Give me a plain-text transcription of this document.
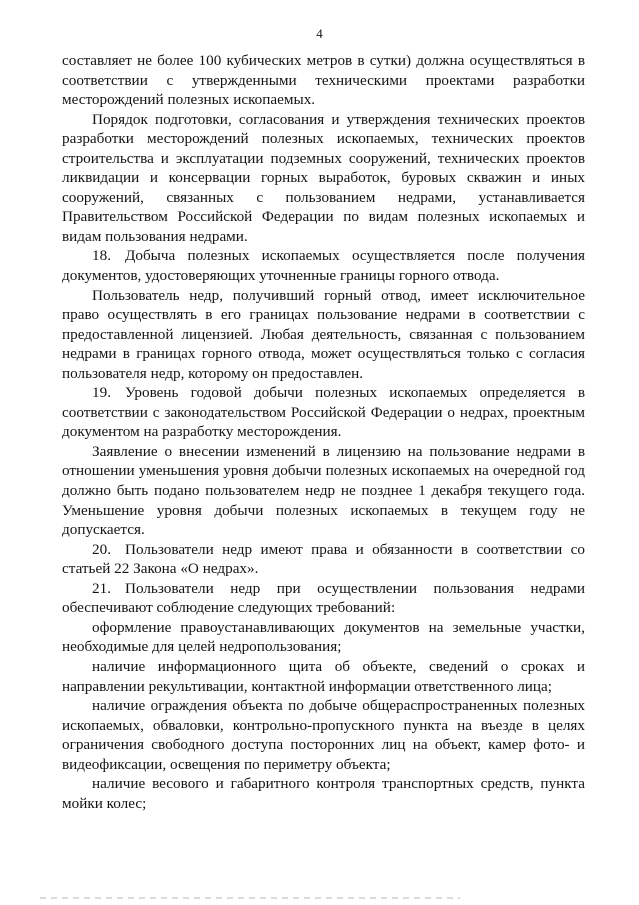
4

составляет не более 100 кубических метров в сутки) должна осуществляться в соответствии с утвержденными техническими проектами разработки месторождений полезных ископаемых.

Порядок подготовки, согласования и утверждения технических проектов разработки месторождений полезных ископаемых, технических проектов строительства и эксплуатации подземных сооружений, технических проектов ликвидации и консервации горных выработок, буровых скважин и иных сооружений, связанных с пользованием недрами, устанавливается Правительством Российской Федерации по видам полезных ископаемых и видам пользования недрами.

18. Добыча полезных ископаемых осуществляется после получения документов, удостоверяющих уточненные границы горного отвода.

Пользователь недр, получивший горный отвод, имеет исключительное право осуществлять в его границах пользование недрами в соответствии с предоставленной лицензией. Любая деятельность, связанная с пользованием недрами в границах горного отвода, может осуществляться только с согласия пользователя недр, которому он предоставлен.

19. Уровень годовой добычи полезных ископаемых определяется в соответствии с законодательством Российской Федерации о недрах, проектным документом на разработку месторождения.

Заявление о внесении изменений в лицензию на пользование недрами в отношении уменьшения уровня добычи полезных ископаемых на очередной год должно быть подано пользователем недр не позднее 1 декабря текущего года. Уменьшение уровня добычи полезных ископаемых в текущем году не допускается.

20. Пользователи недр имеют права и обязанности в соответствии со статьей 22 Закона «О недрах».

21. Пользователи недр при осуществлении пользования недрами обеспечивают соблюдение следующих требований:

оформление правоустанавливающих документов на земельные участки, необходимые для целей недропользования;

наличие информационного щита об объекте, сведений о сроках и направлении рекультивации, контактной информации ответственного лица;

наличие ограждения объекта по добыче общераспространенных полезных ископаемых, обваловки, контрольно-пропускного пункта на въезде в целях ограничения свободного доступа посторонних лиц на объект, камер фото- и видеофиксации, освещения по периметру объекта;

наличие весового и габаритного контроля транспортных средств, пункта мойки колес;
